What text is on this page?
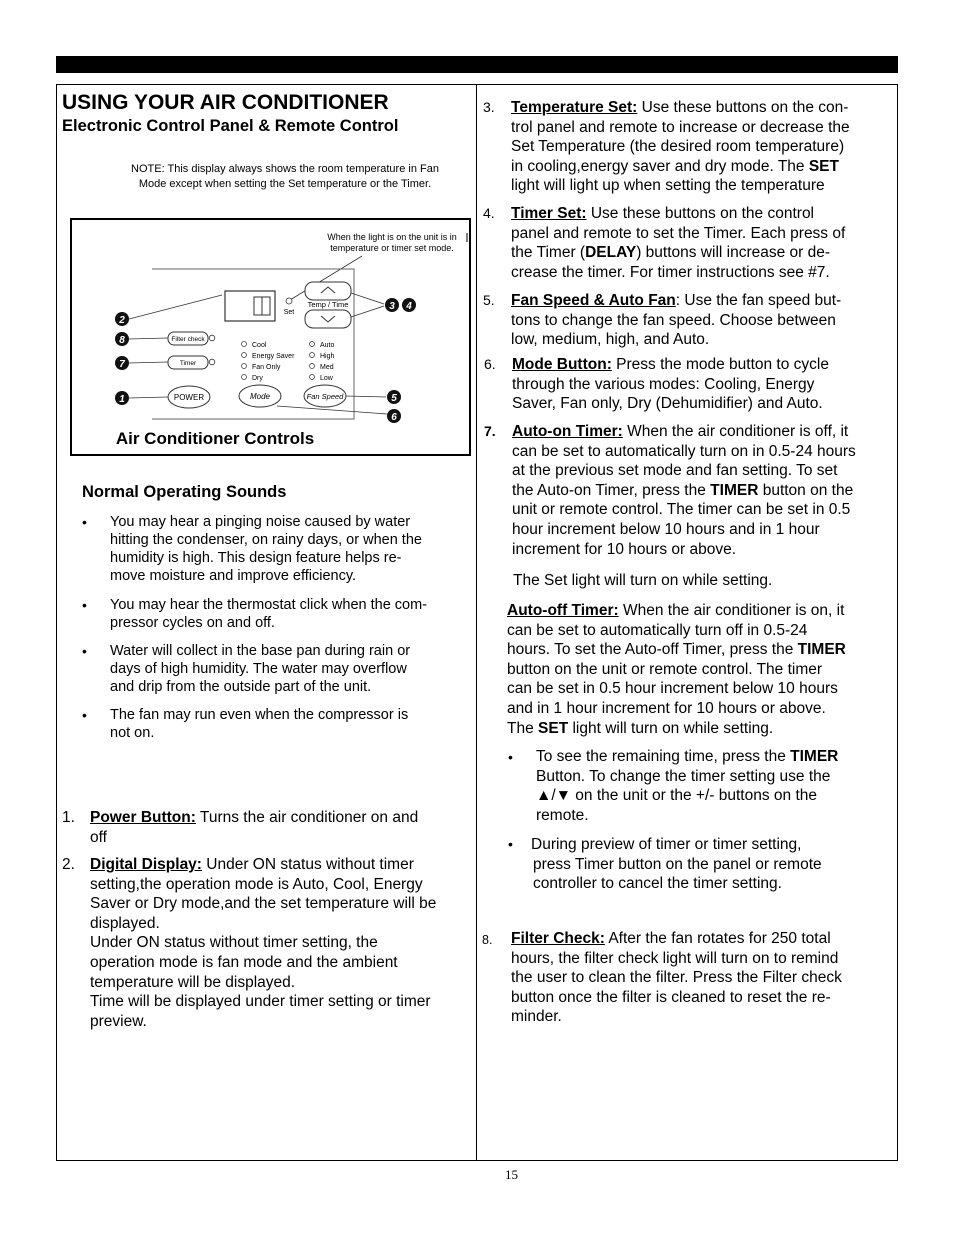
USING YOUR AIR CONDITIONER
Electronic Control Panel & Remote Control
NOTE: This display always shows the room temperature in Fan
Mode except when setting the Set temperature or the Timer.
When the light is on the unit is in
temperature or timer set mode.
Set
Temp / Time
Filter check
Timer
Cool
Energy Saver
Fan Only
Dry
Auto
High
Med
Low
POWER	Mode	Fan Speed
2
8
7
1
3 4
5
6
Air Conditioner Controls
Normal Operating Sounds
• You may hear a pinging noise caused by water
hitting the condenser, on rainy days, or when the
humidity is high. This design feature helps re-
move moisture and improve efficiency.
• You may hear the thermostat click when the com-
pressor cycles on and off.
• Water will collect in the base pan during rain or
days of high humidity. The water may overflow
and drip from the outside part of the unit.
• The fan may run even when the compressor is
not on.
1. Power Button: Turns the air conditioner on and
off
2. Digital Display: Under ON status without timer
setting,the operation mode is Auto, Cool, Energy
Saver or Dry mode,and the set temperature will be
displayed.
Under ON status without timer setting, the
operation mode is fan mode and the ambient
temperature will be displayed.
Time will be displayed under timer setting or timer
preview.
3. Temperature Set: Use these buttons on the con-
trol panel and remote to increase or decrease the
Set Temperature (the desired room temperature)
in cooling,energy saver and dry mode. The SET
light will light up when setting the temperature
4. Timer Set: Use these buttons on the control
panel and remote to set the Timer. Each press of
the Timer (DELAY) buttons will increase or de-
crease the timer. For timer instructions see #7.
5. Fan Speed & Auto Fan: Use the fan speed but-
tons to change the fan speed. Choose between
low, medium, high, and Auto.
6. Mode Button: Press the mode button to cycle
through the various modes: Cooling, Energy
Saver, Fan only, Dry (Dehumidifier) and Auto.
7. Auto-on Timer: When the air conditioner is off, it
can be set to automatically turn on in 0.5-24 hours
at the previous set mode and fan setting. To set
the Auto-on Timer, press the TIMER button on the
unit or remote control. The timer can be set in 0.5
hour increment below 10 hours and in 1 hour
increment for 10 hours or above.
The Set light will turn on while setting.
Auto-off Timer: When the air conditioner is on, it
can be set to automatically turn off in 0.5-24
hours. To set the Auto-off Timer, press the TIMER
button on the unit or remote control. The timer
can be set in 0.5 hour increment below 10 hours
and in 1 hour increment for 10 hours or above.
The SET light will turn on while setting.
• To see the remaining time, press the TIMER
Button. To change the timer setting use the
▲/▼ on the unit or the +/- buttons on the
remote.
• During preview of timer or timer setting,
press Timer button on the panel or remote
controller to cancel the timer setting.
8. Filter Check: After the fan rotates for 250 total
hours, the filter check light will turn on to remind
the user to clean the filter. Press the Filter check
button once the filter is cleaned to reset the re-
minder.
15
